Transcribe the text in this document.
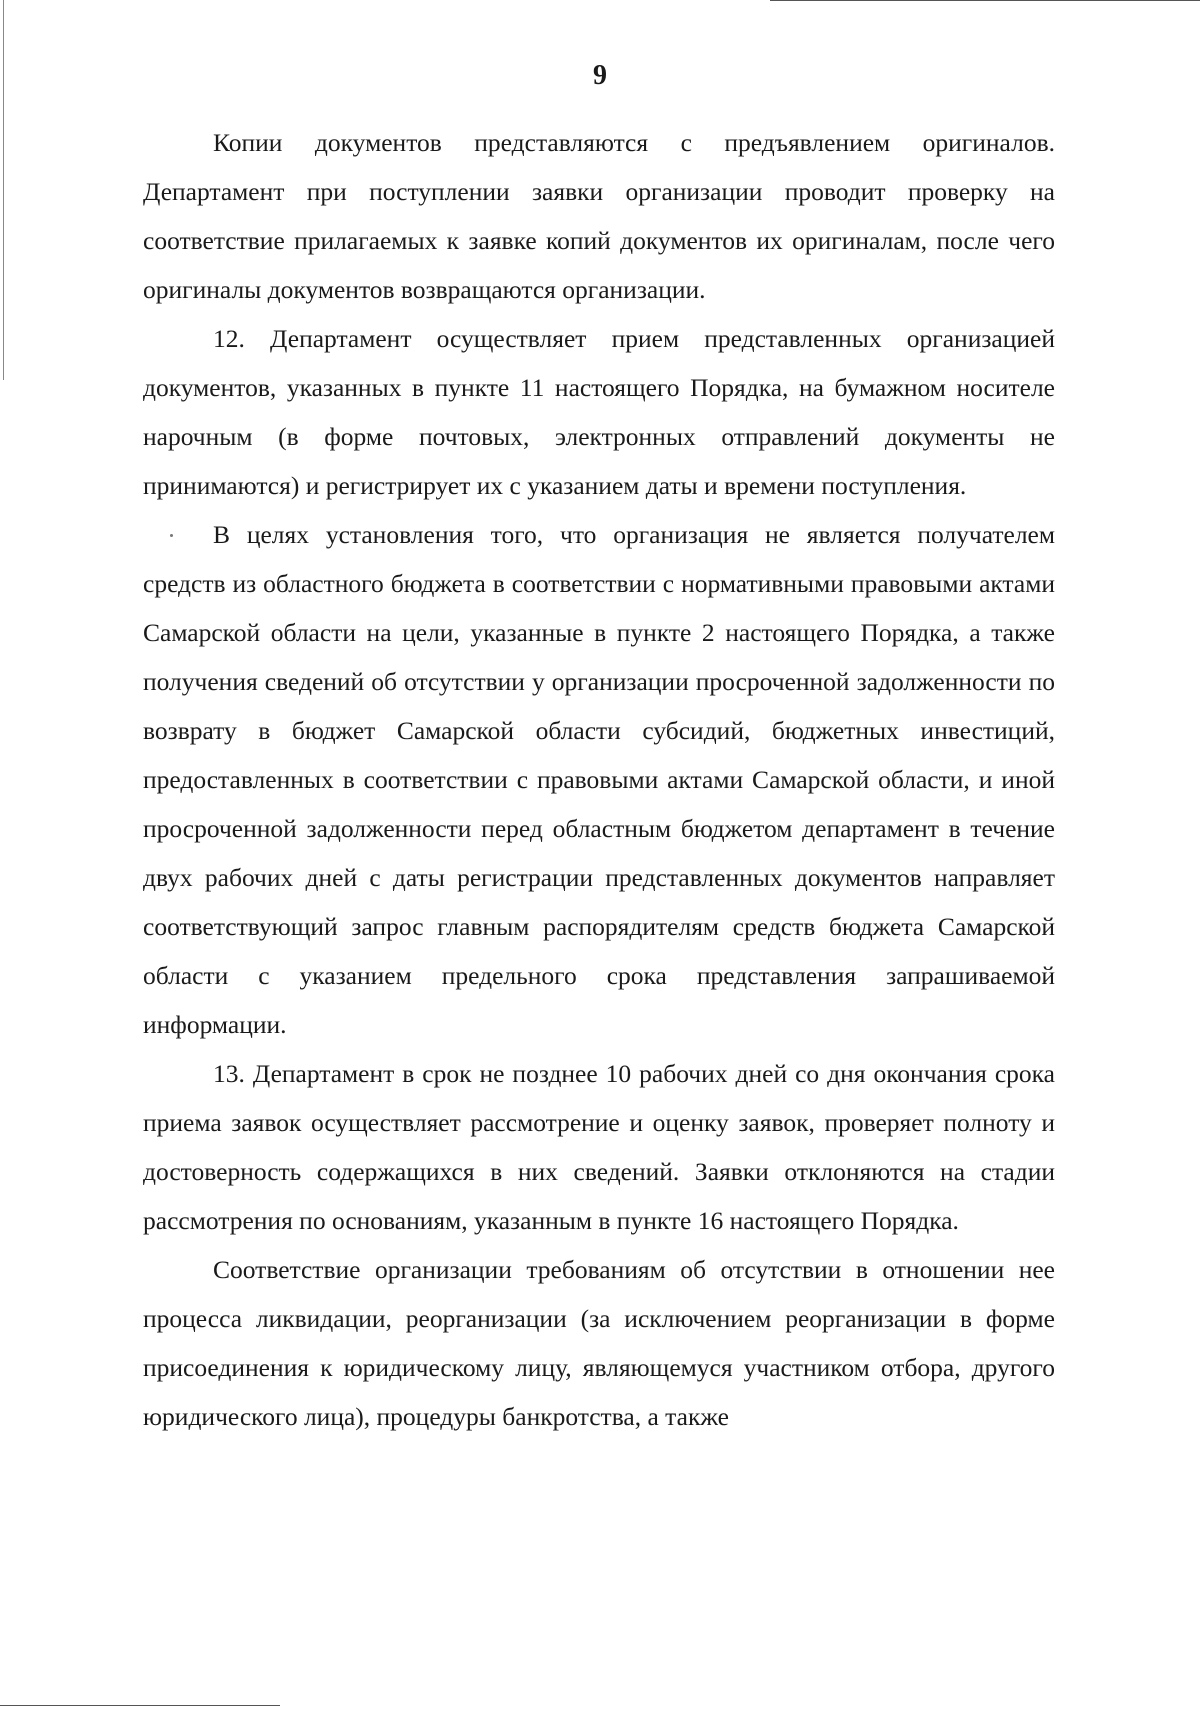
9

Копии документов представляются с предъявлением оригиналов. Департамент при поступлении заявки организации проводит проверку на соответствие прилагаемых к заявке копий документов их оригиналам, после чего оригиналы документов возвращаются организации.

12. Департамент осуществляет прием представленных организацией документов, указанных в пункте 11 настоящего Порядка, на бумажном носителе нарочным (в форме почтовых, электронных отправлений документы не принимаются) и регистрирует их с указанием даты и времени поступления.

В целях установления того, что организация не является получателем средств из областного бюджета в соответствии с нормативными правовыми актами Самарской области на цели, указанные в пункте 2 настоящего Порядка, а также получения сведений об отсутствии у организации просроченной задолженности по возврату в бюджет Самарской области субсидий, бюджетных инвестиций, предоставленных в соответствии с правовыми актами Самарской области, и иной просроченной задолженности перед областным бюджетом департамент в течение двух рабочих дней с даты регистрации представленных документов направляет соответствующий запрос главным распорядителям средств бюджета Самарской области с указанием предельного срока представления запрашиваемой информации.

13. Департамент в срок не позднее 10 рабочих дней со дня окончания срока приема заявок осуществляет рассмотрение и оценку заявок, проверяет полноту и достоверность содержащихся в них сведений. Заявки отклоняются на стадии рассмотрения по основаниям, указанным в пункте 16 настоящего Порядка.

Соответствие организации требованиям об отсутствии в отношении нее процесса ликвидации, реорганизации (за исключением реорганизации в форме присоединения к юридическому лицу, являющемуся участником отбора, другого юридического лица), процедуры банкротства, а также
